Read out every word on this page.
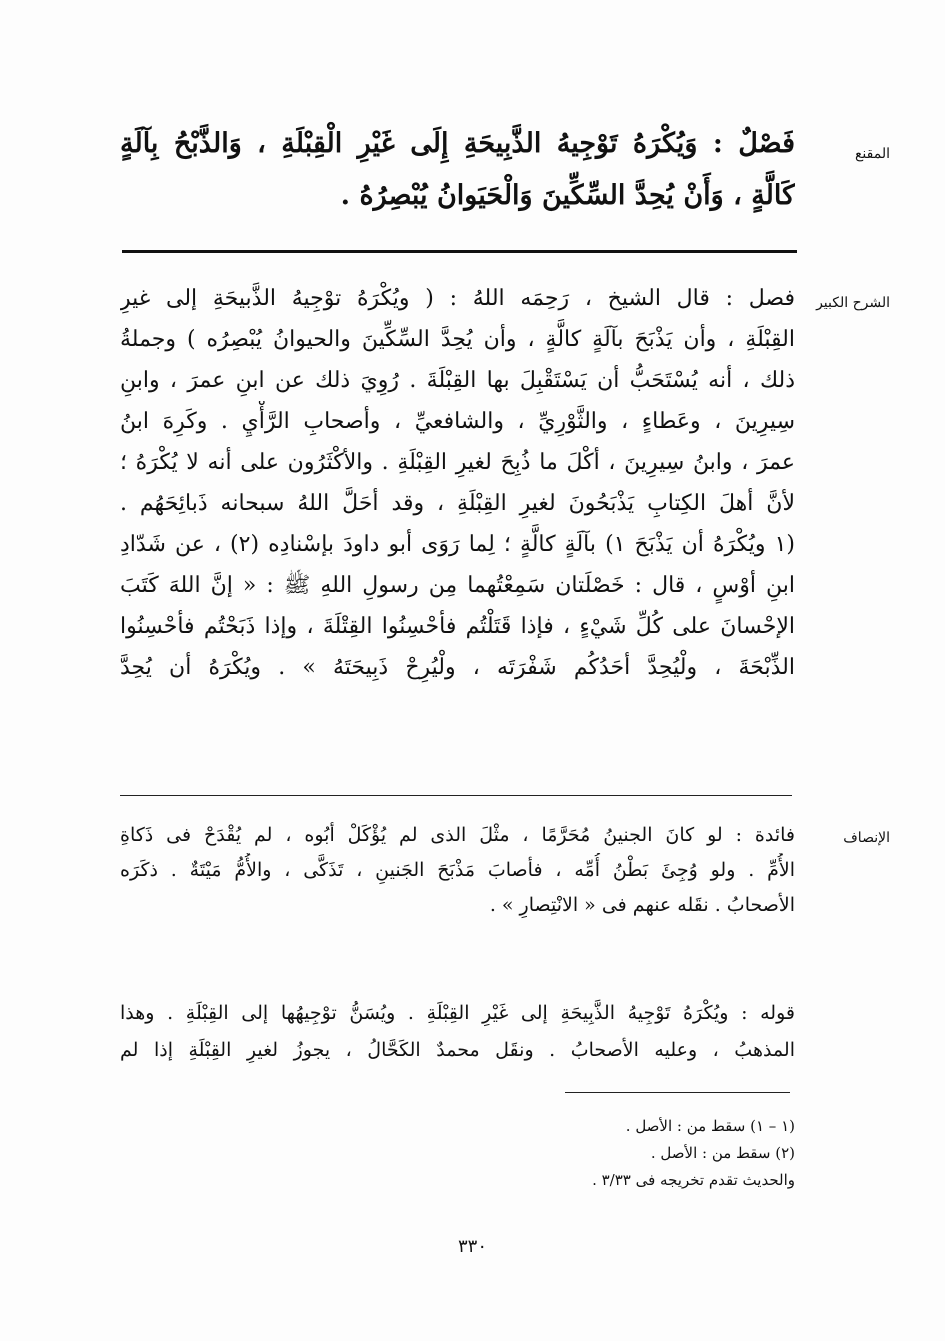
المقنع
الشرح الكبير
الإنصاف
فَصْلٌ : وَيُكْرَهُ تَوْجِيهُ الذَّبِيحَةِ إِلَى غَيْرِ الْقِبْلَةِ ، وَالذَّبْحُ بِآلَةٍ
كَالَّةٍ ، وَأَنْ يُحِدَّ السِّكِّينَ وَالْحَيَوانُ يُبْصِرُهُ .
فصل : قال الشيخ ، رَحِمَه اللهُ : ( ويُكْرَهُ توْجِيهُ الذَّبيحَةِ إلى غيرِ
القِبْلَةِ ، وأن يَذْبَحَ بآلَةٍ كالَّةٍ ، وأن يُحِدَّ السِّكِّينَ والحيوانُ يُبْصِرُه ) وجملةُ
ذلك ، أنه يُسْتَحَبُّ أن يَسْتَقْبِلَ بها القِبْلَةَ . رُوِيَ ذلك عن ابنِ عمرَ ، وابنِ
سِيرِينَ ، وعَطاءٍ ، والثَّوْرِيِّ ، والشافعيِّ ، وأصحابِ الرَّأْيِ . وكَرِهَ ابنُ
عمرَ ، وابنُ سِيرِينَ ، أكْلَ ما ذُبِحَ لغيرِ القِبْلَةِ . والأكْثَرُون على أنه لا يُكْرَهُ ؛
لأنَّ أهلَ الكِتابِ يَذْبَحُونَ لغيرِ القِبْلَةِ ، وقد أحَلَّ اللهُ سبحانه ذَبائِحَهُم .
(١ ويُكْرَهُ أن يَذْبَحَ ١) بآلَةٍ كالَّةٍ ؛ لِما رَوَى أبو داودَ بإسْنادِه (٢) ، عن شَدّادِ
ابنِ أوْسٍ ، قال : خَصْلَتان سَمِعْتُهما مِن رسولِ اللهِ ﷺ : « إنَّ اللهَ كَتَبَ
الإحْسانَ على كُلِّ شَيْءٍ ، فإذا قَتَلْتُم فأحْسِنُوا القِتْلَةَ ، وإذا ذَبَحْتُم فأحْسِنُوا
الذِّبْحَةَ ، ولْيُحِدَّ أحَدُكُم شَفْرَتَه ، ولْيُرِحْ ذَبِيحَتَهُ » . ويُكْرَهُ أن يُحِدَّ
فائدة : لو كانَ الجنينُ مُحَرَّمًا ، مثْلَ الذى لم يُؤْكَلْ أبُوه ، لم يُقْدَحْ فى ذَكاةِ
الأُمِّ . ولو وُجِئَ بَطْنُ أُمِّه ، فأصابَ مَذْبَحَ الجَنينِ ، تَذَكَّى ، والأُمُّ مَيْتَةٌ . ذكَرَه
الأصحابُ . نقَله عنهم فى « الانْتِصارِ » .
قوله : ويُكْرَهُ تَوْجِيهُ الذَّبِيحَةِ إلى غَيْرِ القِبْلَةِ . ويُسَنُّ توْجِيهُها إلى القِبْلَةِ . وهذا
المذهبُ ، وعليه الأصحابُ . ونقَل محمدٌ الكَحَّالُ ، يجوزُ لغيرِ القِبْلَةِ إذا لم
(١ – ١) سقط من : الأصل .
(٢) سقط من : الأصل .
والحديث تقدم تخريجه فى ٣/٣٣ .
٣٣٠
